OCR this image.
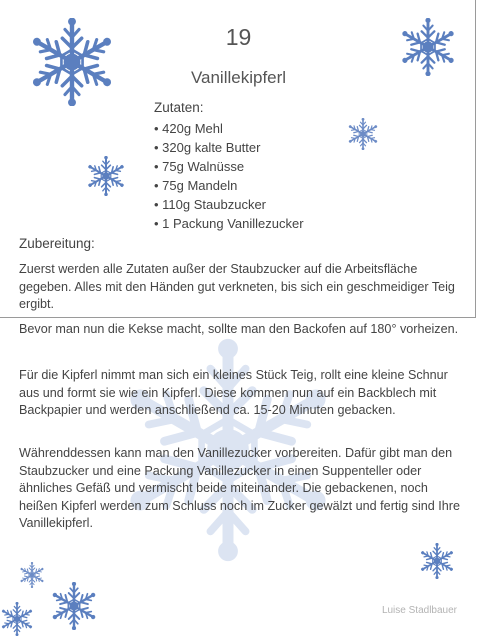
19
Vanillekipferl
Zutaten:
• 420g Mehl
• 320g kalte Butter
• 75g Walnüsse
• 75g Mandeln
• 110g Staubzucker
• 1 Packung Vanillezucker
Zubereitung:

Zuerst werden alle Zutaten außer der Staubzucker auf die Arbeitsfläche gegeben. Alles mit den Händen gut verkneten, bis sich ein geschmeidiger Teig ergibt.

Bevor man nun die Kekse macht, sollte man den Backofen auf 180° vorheizen.

Für die Kipferl nimmt man sich ein kleines Stück Teig, rollt eine kleine Schnur aus und formt sie wie ein Kipferl. Diese kommen nun auf ein Backblech mit Backpapier und werden anschließend ca. 15-20 Minuten gebacken.

Währenddessen kann man den Vanillezucker vorbereiten. Dafür gibt man den Staubzucker und eine Packung Vanillezucker in einen Suppenteller oder ähnliches Gefäß und vermischt beide miteinander. Die gebackenen, noch heißen Kipferl werden zum Schluss noch im Zucker gewälzt und fertig sind Ihre Vanillekipferl.

Luise Stadlbauer
